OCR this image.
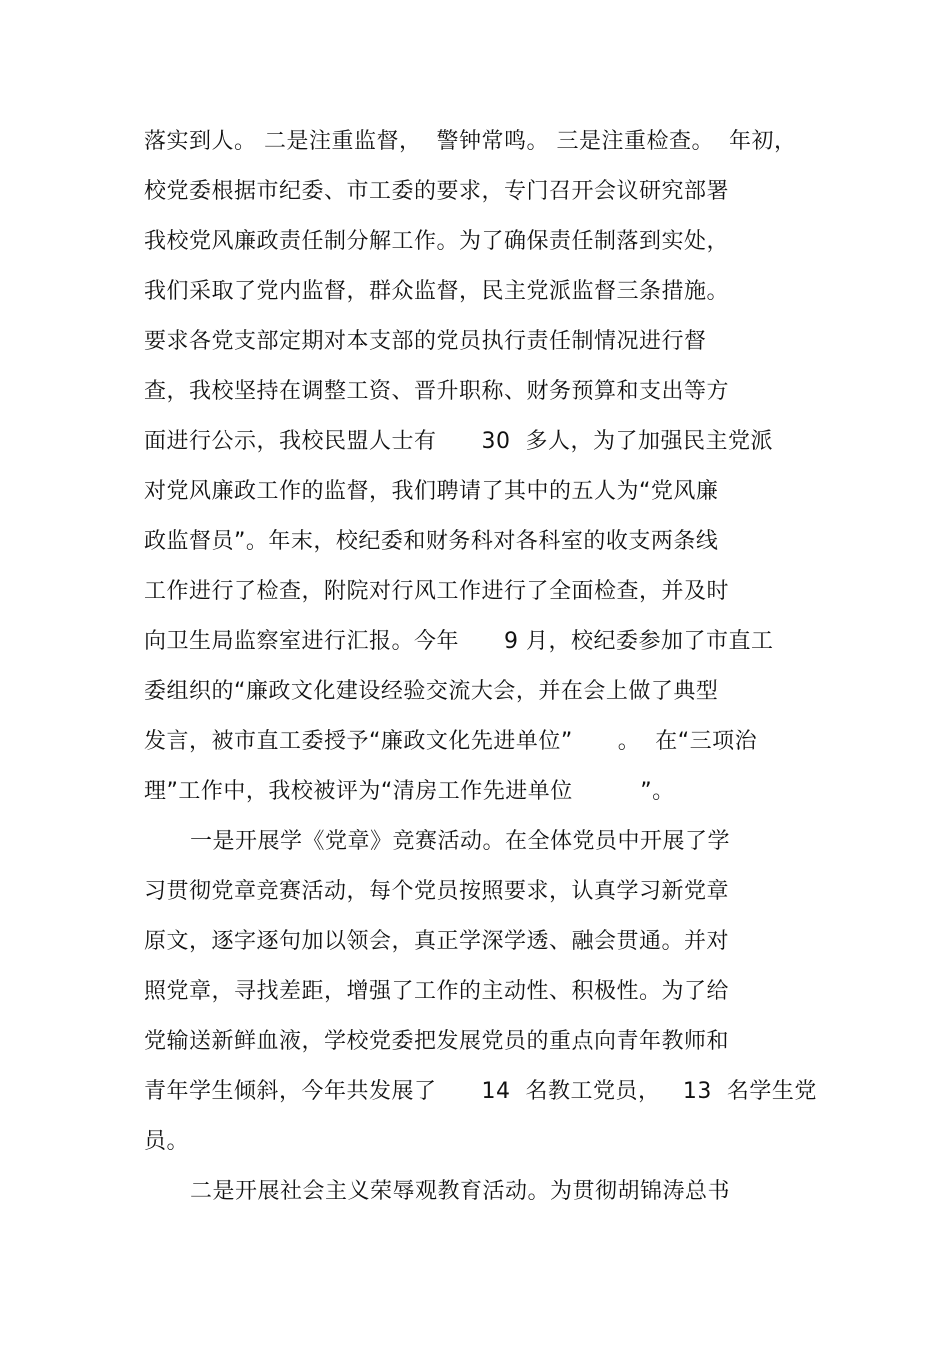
落实到人。 二是注重监督，  警钟常鸣。 三是注重检查。  年初，
校党委根据市纪委、市工委的要求，专门召开会议研究部署
我校党风廉政责任制分解工作。为了确保责任制落到实处，
我们采取了党内监督，群众监督，民主党派监督三条措施。
要求各党支部定期对本支部的党员执行责任制情况进行督
查，我校坚持在调整工资、晋升职称、财务预算和支出等方
面进行公示，我校民盟人士有      30  多人，为了加强民主党派
对党风廉政工作的监督，我们聘请了其中的五人为“党风廉
政监督员”。年末，校纪委和财务科对各科室的收支两条线
工作进行了检查，附院对行风工作进行了全面检查，并及时
向卫生局监察室进行汇报。今年      9 月，校纪委参加了市直工
委组织的“廉政文化建设经验交流大会，并在会上做了典型
发言，被市直工委授予“廉政文化先进单位”      。  在“三项治
理”工作中，我校被评为“清房工作先进单位         ”。
一是开展学《党章》竞赛活动。在全体党员中开展了学
习贯彻党章竞赛活动，每个党员按照要求，认真学习新党章
原文，逐字逐句加以领会，真正学深学透、融会贯通。并对
照党章，寻找差距，增强了工作的主动性、积极性。为了给
党输送新鲜血液，学校党委把发展党员的重点向青年教师和
青年学生倾斜，今年共发展了      14  名教工党员，   13  名学生党
员。
二是开展社会主义荣辱观教育活动。为贯彻胡锦涛总书
